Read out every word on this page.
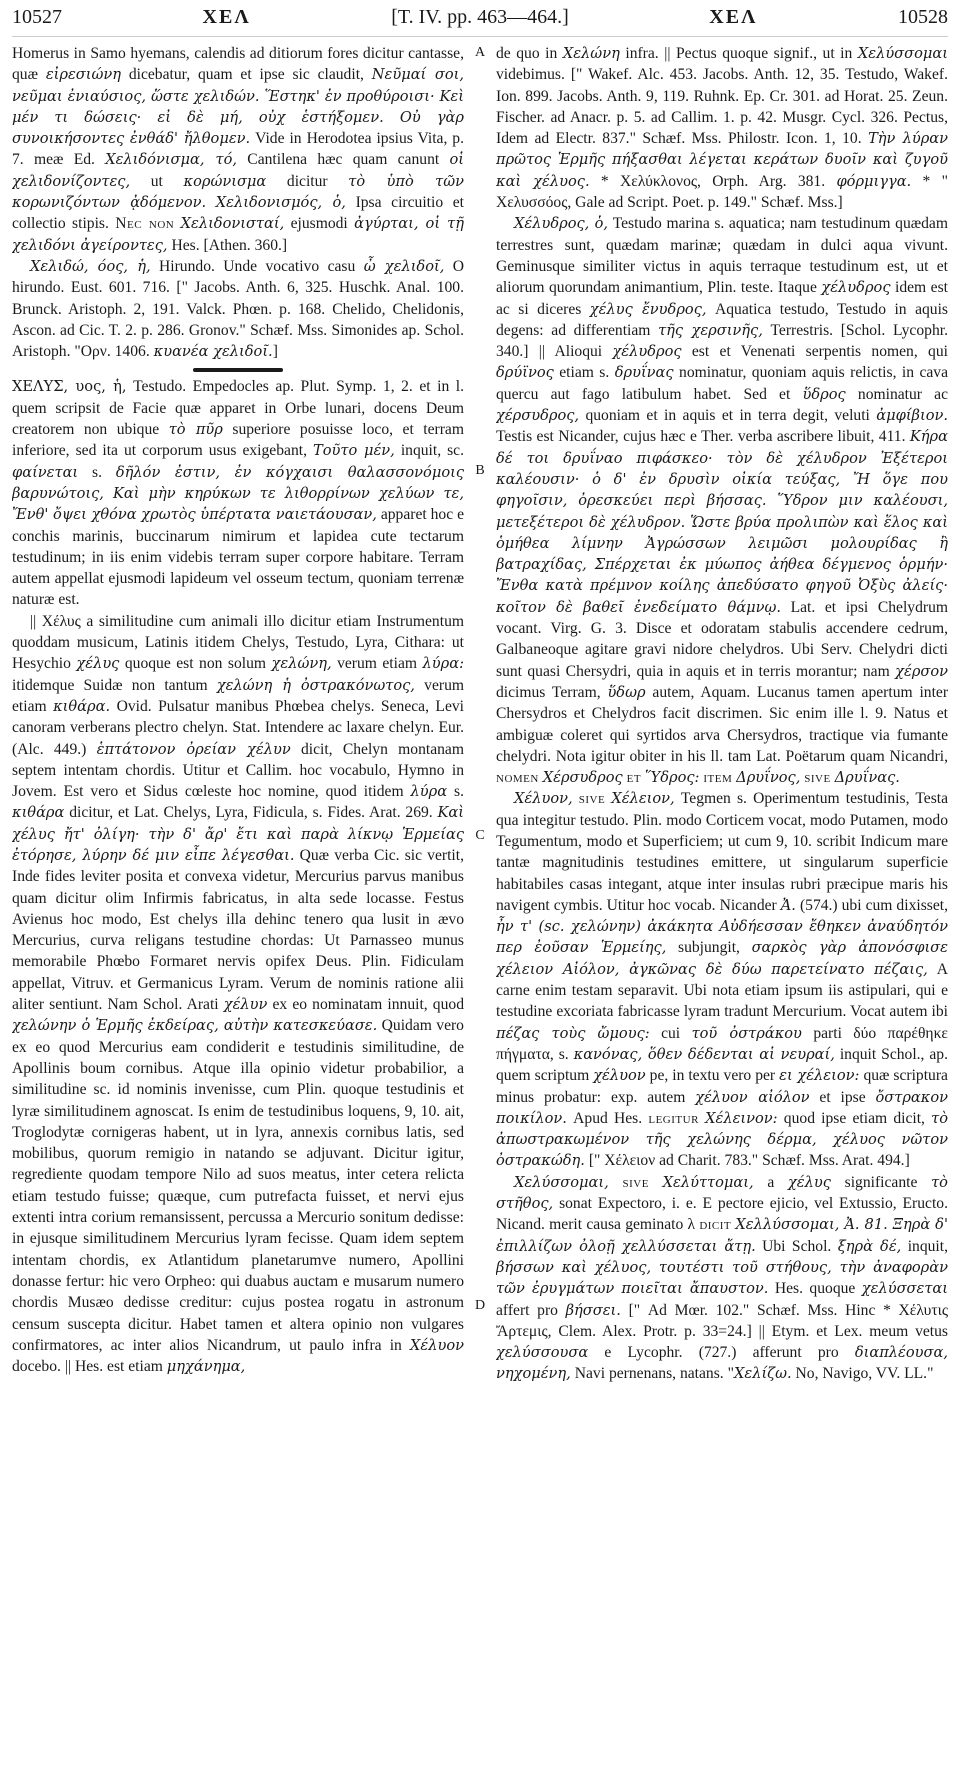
10527	ΧΕΛ	[T. IV. pp. 463—464.]	ΧΕΛ	10528
A
B
C
D

Homerus in Samo hyemans, calendis ad ditiorum fores dicitur cantasse, quæ εἰρεσιώνη dicebatur, quam et ipse sic claudit, Νεῦμαί σοι, νεῦμαι ἐνιαύσιος, ὥστε χελιδών. Ἕστηκ' ἐν προθύροισι· Κεὶ μέν τι δώσεις· εἰ δὲ μή, οὐχ ἑστήξομεν. Οὐ γὰρ συνοικήσοντες ἐνθάδ' ἤλθομεν. Vide in Herodotea ipsius Vita, p. 7. meæ Ed. Χελιδόνισμα, τό, Cantilena hæc quam canunt οἱ χελιδονίζοντες, ut κορώνισμα dicitur τὸ ὑπὸ τῶν κορωνιζόντων ᾀδόμενον. Χελιδονισμός, ὁ, Ipsa circuitio et collectio stipis. Nec non Χελιδονισταί, ejusmodi ἀγύρται, οἱ τῇ χελιδόνι ἀγείροντες, Hes. [Athen. 360.]

Χελιδώ, όος, ἡ, Hirundo. Unde vocativo casu ὦ χελιδοῖ, O hirundo. Eust. 601. 716. [" Jacobs. Anth. 6, 325. Huschk. Anal. 100. Brunck. Aristoph. 2, 191. Valck. Phœn. p. 168. Chelido, Chelidonis, Ascon. ad Cic. T. 2. p. 286. Gronov." Schæf. Mss. Simonides ap. Schol. Aristoph. "Ορν. 1406. κυανέα χελιδοῖ.]

ΧΕΛΥΣ, υος, ἡ, Testudo. Empedocles ap. Plut. Symp. 1, 2. et in l. quem scripsit de Facie quæ apparet in Orbe lunari, docens Deum creatorem non ubique τὸ πῦρ superiore posuisse loco, et terram inferiore, sed ita ut corporum usus exigebant, Τοῦτο μέν, inquit, sc. φαίνεται s. δῆλόν ἐστιν, ἐν κόγχαισι θαλασσονόμοις βαρυνώτοις, Καὶ μὴν κηρύκων τε λιθορρίνων χελύων τε, Ἔνθ' ὄψει χθόνα χρωτὸς ὑπέρτατα ναιετάουσαν, apparet hoc e conchis marinis, buccinarum nimirum et lapidea cute tectarum testudinum; in iis enim videbis terram super corpore habitare. Terram autem appellat ejusmodi lapideum vel osseum tectum, quoniam terrenæ naturæ est.

|| Χέλυς a similitudine cum animali illo dicitur etiam Instrumentum quoddam musicum, Latinis itidem Chelys, Testudo, Lyra, Cithara: ut Hesychio χέλυς quoque est non solum χελώνη, verum etiam λύρα: itidemque Suidæ non tantum χελώνη ἡ ὀστρακόνωτος, verum etiam κιθάρα. Ovid. Pulsatur manibus Phœbea chelys. Seneca, Levi canoram verberans plectro chelyn. Stat. Intendere ac laxare chelyn. Eur. (Alc. 449.) ἑπτάτονον ὀρείαν χέλυν dicit, Chelyn montanam septem intentam chordis. Utitur et Callim. hoc vocabulo, Hymno in Jovem. Est vero et Sidus cœleste hoc nomine, quod itidem λύρα s. κιθάρα dicitur, et Lat. Chelys, Lyra, Fidicula, s. Fides. Arat. 269. Καὶ χέλυς ἤτ' ὀλίγη· τὴν δ' ἄρ' ἔτι καὶ παρὰ λίκνῳ Ἑρμείας ἐτόρησε, λύρην δέ μιν εἶπε λέγεσθαι. Quæ verba Cic. sic vertit, Inde fides leviter posita et convexa videtur, Mercurius parvus manibus quam dicitur olim Infirmis fabricatus, in alta sede locasse. Festus Avienus hoc modo, Est chelys illa dehinc tenero qua lusit in ævo Mercurius, curva religans testudine chordas: Ut Parnasseo munus memorabile Phœbo Formaret nervis opifex Deus. Plin. Fidiculam appellat, Vitruv. et Germanicus Lyram. Verum de nominis ratione alii aliter sentiunt. Nam Schol. Arati χέλυν ex eo nominatam innuit, quod χελώνην ὁ Ἑρμῆς ἐκδείρας, αὐτὴν κατεσκεύασε. Quidam vero ex eo quod Mercurius eam condiderit e testudinis similitudine, de Apollinis boum cornibus. Atque illa opinio videtur probabilior, a similitudine sc. id nominis invenisse, cum Plin. quoque testudinis et lyræ similitudinem agnoscat. Is enim de testudinibus loquens, 9, 10. ait, Troglodytæ cornigeras habent, ut in lyra, annexis cornibus latis, sed mobilibus, quorum remigio in natando se adjuvant. Dicitur igitur, regrediente quodam tempore Nilo ad suos meatus, inter cetera relicta etiam testudo fuisse; quæque, cum putrefacta fuisset, et nervi ejus extenti intra corium remansissent, percussa a Mercurio sonitum dedisse: in ejusque similitudinem Mercurius lyram fecisse. Quam idem septem intentam chordis, ex Atlantidum planetarumve numero, Apollini donasse fertur: hic vero Orpheo: qui duabus auctam e musarum numero chordis Musæo dedisse creditur: cujus postea rogatu in astronum censum suscepta dicitur. Habet tamen et altera opinio non vulgares confirmatores, ac inter alios Nicandrum, ut paulo infra in Χέλυον docebo. || Hes. est etiam μηχάνημα,

de quo in Χελώνη infra. || Pectus quoque signif., ut in Χελύσσομαι videbimus. [" Wakef. Alc. 453. Jacobs. Anth. 12, 35. Testudo, Wakef. Ion. 899. Jacobs. Anth. 9, 119. Ruhnk. Ep. Cr. 301. ad Horat. 25. Zeun. Fischer. ad Anacr. p. 5. ad Callim. 1. p. 42. Musgr. Cycl. 326. Pectus, Idem ad Electr. 837." Schæf. Mss. Philostr. Icon. 1, 10. Τὴν λύραν πρῶτος Ἑρμῆς πήξασθαι λέγεται κεράτων δυοῖν καὶ ζυγοῦ καὶ χέλυος. * Χελύκλονος, Orph. Arg. 381. φόρμιγγα. * " Χελυσσόος, Gale ad Script. Poet. p. 149." Schæf. Mss.]

Χέλυδρος, ὁ, Testudo marina s. aquatica; nam testudinum quædam terrestres sunt, quædam marinæ; quædam in dulci aqua vivunt. Geminusque similiter victus in aquis terraque testudinum est, ut et aliorum quorundam animantium, Plin. teste. Itaque χέλυδρος idem est ac si diceres χέλυς ἔνυδρος, Aquatica testudo, Testudo in aquis degens: ad differentiam τῆς χερσινῆς, Terrestris. [Schol. Lycophr. 340.] || Alioqui χέλυδρος est et Venenati serpentis nomen, qui δρύϊνος etiam s. δρυΐνας nominatur, quoniam aquis relictis, in cava quercu aut fago latibulum habet. Sed et ὕδρος nominatur ac χέρσυδρος, quoniam et in aquis et in terra degit, veluti ἀμφίβιον. Testis est Nicander, cujus hæc e Ther. verba ascribere libuit, 411. Κήρα δέ τοι δρυΐναο πιφάσκεο· τὸν δὲ χέλυδρον Ἐξέτεροι καλέουσιν· ὁ δ' ἐν δρυσὶν οἰκία τεύξας, Ἤ ὅγε που φηγοῖσιν, ὀρεσκεύει περὶ βήσσας. Ὕδρον μιν καλέουσι, μετεξέτεροι δὲ χέλυδρον. Ὥστε βρύα προλιπὼν καὶ ἕλος καὶ ὁμήθεα λίμνην Ἀγρώσσων λειμῶσι μολουρίδας ἢ βατραχίδας, Σπέρχεται ἐκ μύωπος ἀήθεα δέγμενος ὁρμήν· Ἔνθα κατὰ πρέμνον κοίλης ἀπεδύσατο φηγοῦ Ὀξὺς ἀλείς· κοῖτον δὲ βαθεῖ ἐνεδείματο θάμνῳ. Lat. et ipsi Chelydrum vocant. Virg. G. 3. Disce et odoratam stabulis accendere cedrum, Galbaneoque agitare gravi nidore chelydros. Ubi Serv. Chelydri dicti sunt quasi Chersydri, quia in aquis et in terris morantur; nam χέρσον dicimus Terram, ὕδωρ autem, Aquam. Lucanus tamen apertum inter Chersydros et Chelydros facit discrimen. Sic enim ille l. 9. Natus et ambiguæ coleret qui syrtidos arva Chersydros, tractique via fumante chelydri. Nota igitur obiter in his ll. tam Lat. Poëtarum quam Nicandri, nomen Χέρσυδρος et Ὕδρος: item Δρυΐνος, sive Δρυΐνας.

Χέλυον, sive Χέλειον, Tegmen s. Operimentum testudinis, Testa qua integitur testudo. Plin. modo Corticem vocat, modo Putamen, modo Tegumentum, modo et Superficiem; ut cum 9, 10. scribit Indicum mare tantæ magnitudinis testudines emittere, ut singularum superficie habitabiles casas integant, atque inter insulas rubri præcipue maris his navigent cymbis. Utitur hoc vocab. Nicander Ἀ. (574.) ubi cum dixisset, ἦν τ' (sc. χελώνην) ἀκάκητα Αὐδήεσσαν ἔθηκεν ἀναύδητόν περ ἐοῦσαν Ἑρμείης, subjungit, σαρκὸς γὰρ ἀπονόσφισε χέλειον Αἰόλον, ἀγκῶνας δὲ δύω παρετείνατο πέζαις, A carne enim testam separavit. Ubi nota etiam ipsum iis astipulari, qui e testudine excoriata fabricasse lyram tradunt Mercurium. Vocat autem ibi πέζας τοὺς ὤμους: cui τοῦ ὀστράκου parti δύο παρέθηκε πήγματα, s. κανόνας, ὅθεν δέδενται αἱ νευραί, inquit Schol., ap. quem scriptum χέλυον pe, in textu vero per ει χέλειον: quæ scriptura minus probatur: exp. autem χέλυον αἰόλον et ipse ὄστρακον ποικίλον. Apud Hes. legitur Χέλεινον: quod ipse etiam dicit, τὸ ἀπωστρακωμένον τῆς χελώνης δέρμα, χέλυος νῶτον ὀστρακώδη. [" Χέλειον ad Charit. 783." Schæf. Mss. Arat. 494.]

Χελύσσομαι, sive Χελύττομαι, a χέλυς significante τὸ στῆθος, sonat Expectoro, i. e. E pectore ejicio, vel Extussio, Eructo. Nicand. merit causa geminato λ dicit Χελλύσσομαι, Ἀ. 81. Ξηρὰ δ' ἐπιλλίζων ὀλοῇ χελλύσσεται ἄτῃ. Ubi Schol. ξηρὰ δέ, inquit, βήσσων καὶ χέλυος, τουτέστι τοῦ στήθους, τὴν ἀναφορὰν τῶν ἐρυγμάτων ποιεῖται ἄπαυστον. Hes. quoque χελύσσεται affert pro βήσσει. [" Ad Mœr. 102." Schæf. Mss. Hinc * Χέλυτις Ἄρτεμις, Clem. Alex. Protr. p. 33=24.] || Etym. et Lex. meum vetus χελύσσουσα e Lycophr. (727.) afferunt pro διαπλέουσα, νηχομένη, Navi pernenans, natans. "Χελίζω. No, Navigo, VV. LL."
